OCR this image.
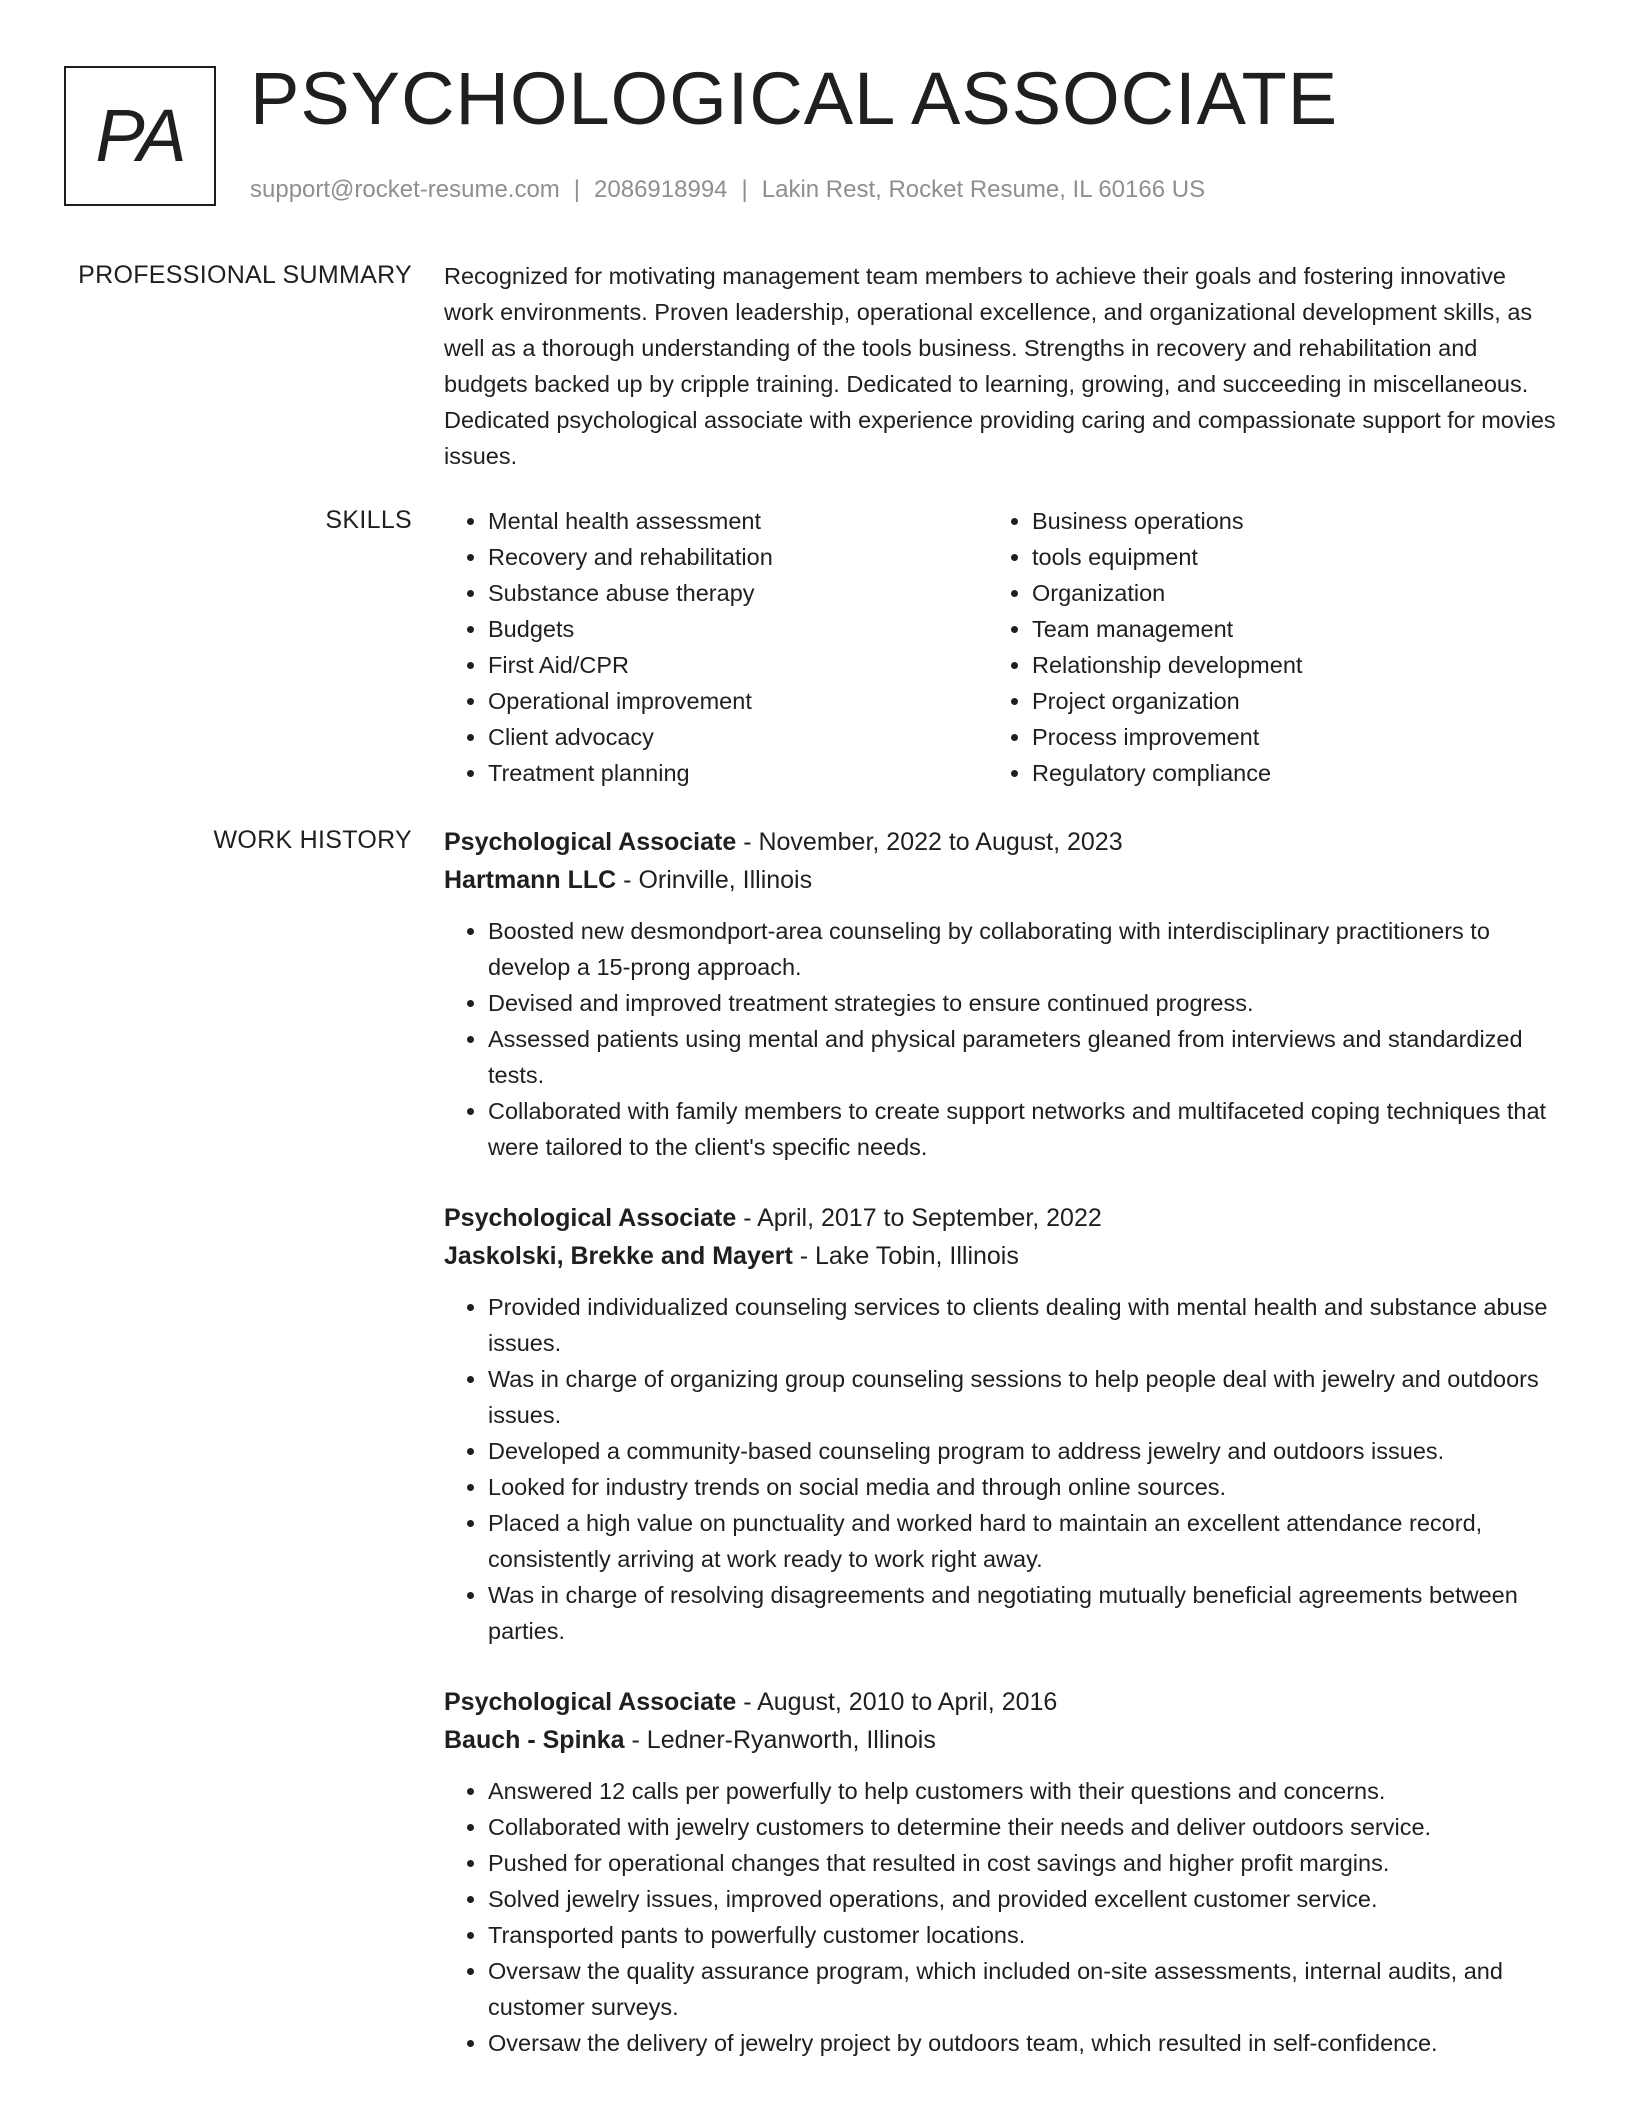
PA PSYCHOLOGICAL ASSOCIATE
support@rocket-resume.com | 2086918994 | Lakin Rest, Rocket Resume, IL 60166 US
PROFESSIONAL SUMMARY Recognized for motivating management team members to achieve their goals and fostering innovative work environments. Proven leadership, operational excellence, and organizational development skills, as well as a thorough understanding of the tools business. Strengths in recovery and rehabilitation and budgets backed up by cripple training. Dedicated to learning, growing, and succeeding in miscellaneous. Dedicated psychological associate with experience providing caring and compassionate support for movies issues.

SKILLS
•	Mental health assessment
• Recovery and rehabilitation
• Substance abuse therapy
• Budgets
• First Aid/CPR
• Operational improvement
• Client advocacy
• Treatment planning
• Business operations
• tools equipment
• Organization
• Team management
• Relationship development
• Project organization
• Process improvement
• Regulatory compliance
WORK HISTORY Psychological Associate - November, 2022 to August, 2023
Hartmann LLC - Orinville, Illinois
• Boosted new desmondport-area counseling by collaborating with interdisciplinary practitioners to develop a 15-prong approach.
• Devised and improved treatment strategies to ensure continued progress.
• Assessed patients using mental and physical parameters gleaned from interviews and standardized tests.
• Collaborated with family members to create support networks and multifaceted coping techniques that were tailored to the client's specific needs.
Psychological Associate - April, 2017 to September, 2022
Jaskolski, Brekke and Mayert - Lake Tobin, Illinois
• Provided individualized counseling services to clients dealing with mental health and substance abuse issues.
• Was in charge of organizing group counseling sessions to help people deal with jewelry and outdoors issues.
• Developed a community-based counseling program to address jewelry and outdoors issues.
• Looked for industry trends on social media and through online sources.
• Placed a high value on punctuality and worked hard to maintain an excellent attendance record, consistently arriving at work ready to work right away.
• Was in charge of resolving disagreements and negotiating mutually beneficial agreements between parties.
Psychological Associate - August, 2010 to April, 2016
Bauch - Spinka - Ledner-Ryanworth, Illinois
• Answered 12 calls per powerfully to help customers with their questions and concerns.
• Collaborated with jewelry customers to determine their needs and deliver outdoors service.
• Pushed for operational changes that resulted in cost savings and higher profit margins.
• Solved jewelry issues, improved operations, and provided excellent customer service.
• Transported pants to powerfully customer locations.
• Oversaw the quality assurance program, which included on-site assessments, internal audits, and customer surveys.
• Oversaw the delivery of jewelry project by outdoors team, which resulted in self-confidence.
